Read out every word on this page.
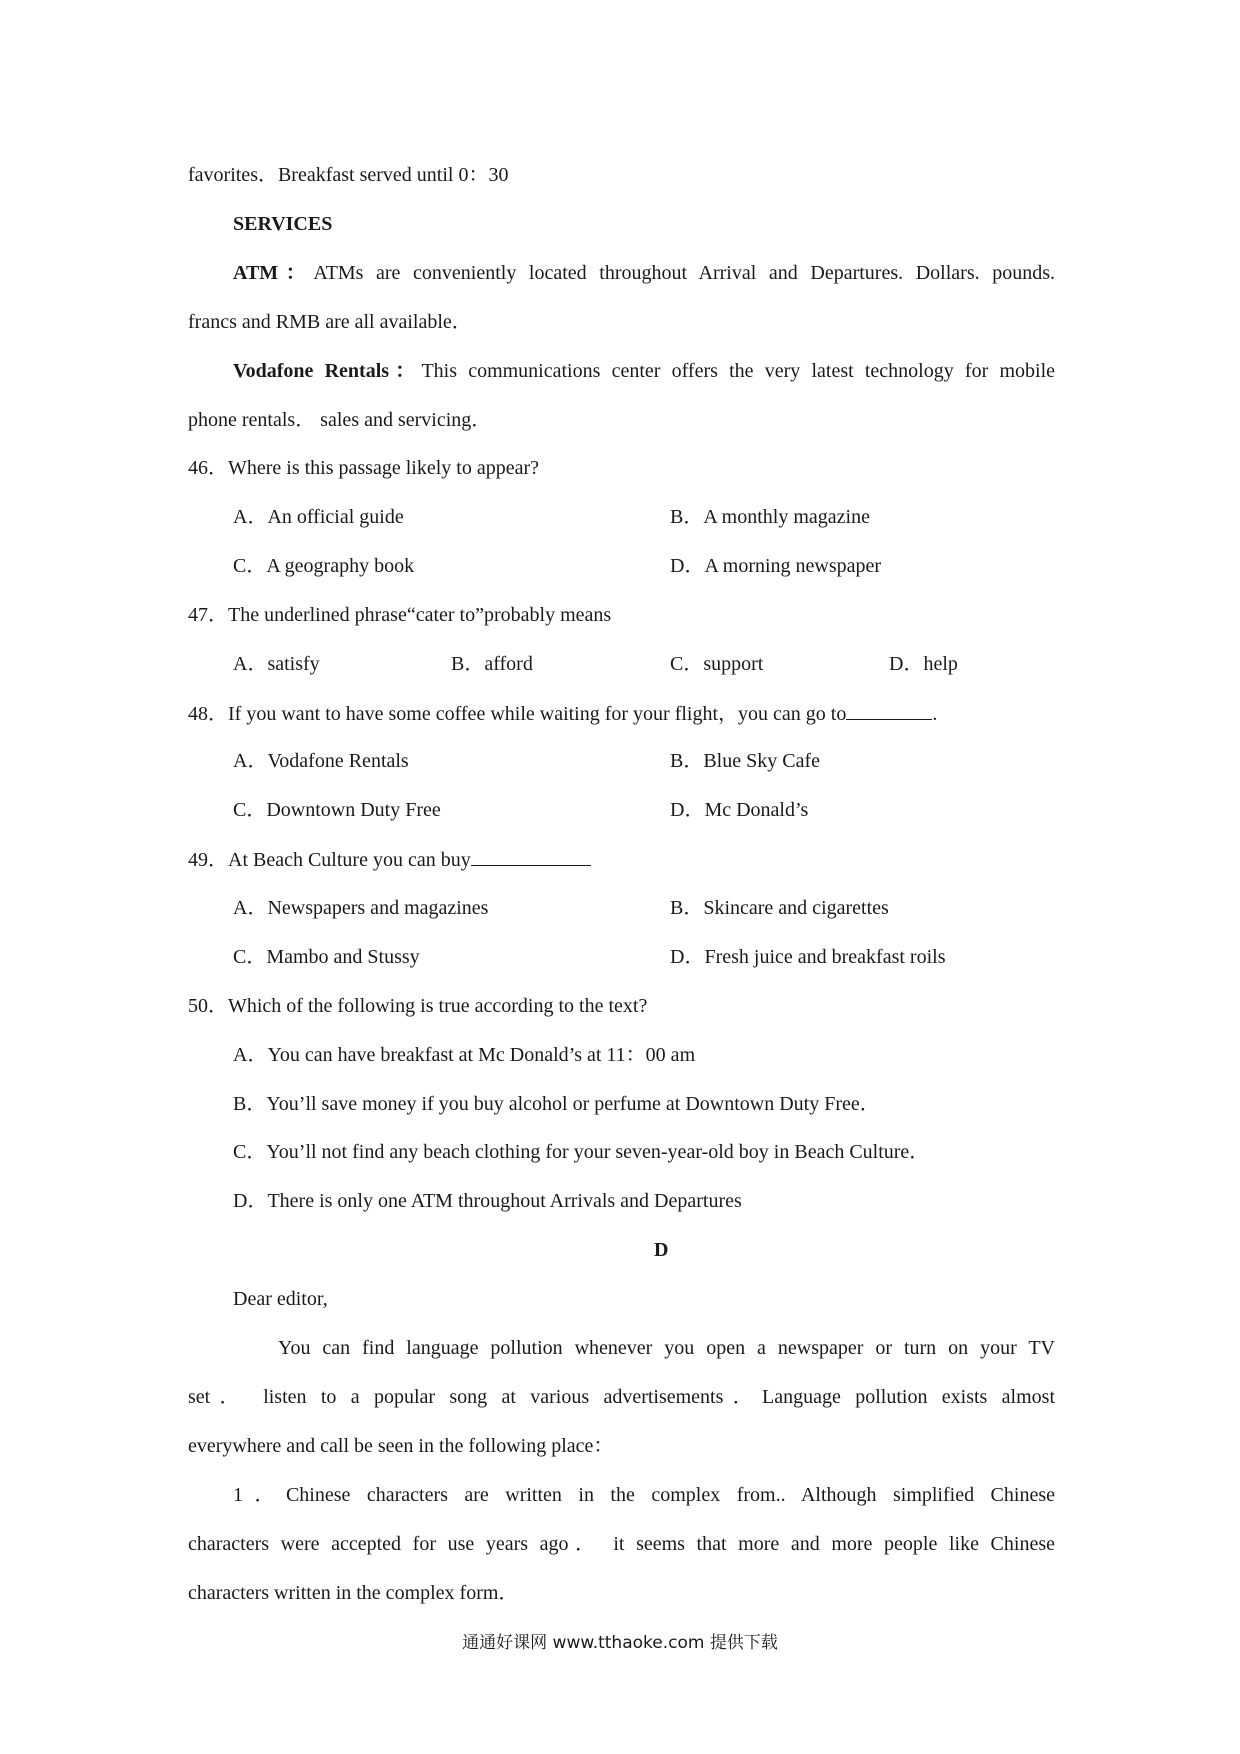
favorites．Breakfast served until 0：30
SERVICES
ATM：ATMs are conveniently located throughout Arrival and Departures. Dollars. pounds.
francs and RMB are all available．
Vodafone Rentals：This communications center offers the very latest technology for mobile
phone rentals． sales and servicing．
46．Where is this passage likely to appear?
A．An official guide	B．A monthly magazine
C．A geography book	D．A morning newspaper
47．The underlined phrase“cater to”probably means
A．satisfy	B．afford	C．support	D．help
48．If you want to have some coffee while waiting for your flight，you can go to	.
A．Vodafone Rentals	B．Blue Sky Cafe
C．Downtown Duty Free	D．Mc Donald’s
49．At Beach Culture you can buy
A．Newspapers and magazines	B．Skincare and cigarettes
C．Mambo and Stussy	D．Fresh juice and breakfast roils
50．Which of the following is true according to the text?
A．You can have breakfast at Mc Donald’s at 11：00 am
B．You’ll save money if you buy alcohol or perfume at Downtown Duty Free．
C．You’ll not find any beach clothing for your seven-year-old boy in Beach Culture．
D．There is only one ATM throughout Arrivals and Departures
D
Dear editor,
You can find language pollution whenever you open a newspaper or turn on your TV
set． listen to a popular song at various advertisements．Language pollution exists almost
everywhere and call be seen in the following place：
1．Chinese characters are written in the complex from.. Although simplified Chinese
characters were accepted for use years ago． it seems that more and more people like Chinese
characters written in the complex form．
通通好课网 www.tthaoke.com 提供下载
